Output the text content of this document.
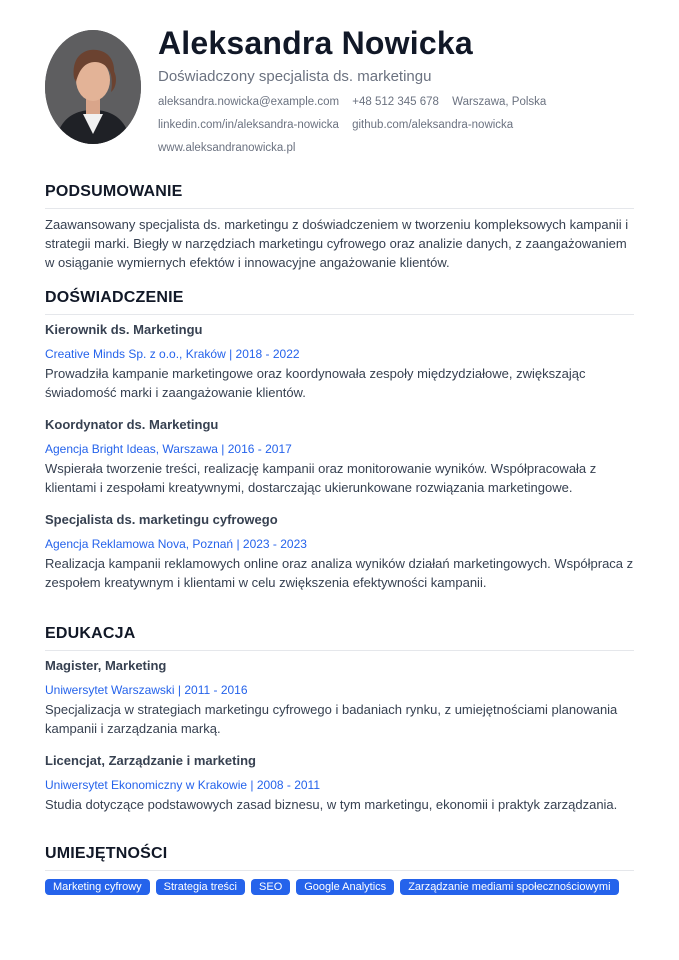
Aleksandra Nowicka
Doświadczony specjalista ds. marketingu
aleksandra.nowicka@example.com +48 512 345 678 Warszawa, Polska
linkedin.com/in/aleksandra-nowicka github.com/aleksandra-nowicka
www.aleksandranowicka.pl
PODSUMOWANIE
Zaawansowany specjalista ds. marketingu z doświadczeniem w tworzeniu kompleksowych kampanii i strategii marki. Biegły w narzędziach marketingu cyfrowego oraz analizie danych, z zaangażowaniem w osiąganie wymiernych efektów i innowacyjne angażowanie klientów.
DOŚWIADCZENIE
Kierownik ds. Marketingu
Creative Minds Sp. z o.o., Kraków | 2018 - 2022
Prowadziła kampanie marketingowe oraz koordynowała zespoły międzydziałowe, zwiększając świadomość marki i zaangażowanie klientów.
Koordynator ds. Marketingu
Agencja Bright Ideas, Warszawa | 2016 - 2017
Wspierała tworzenie treści, realizację kampanii oraz monitorowanie wyników. Współpracowała z klientami i zespołami kreatywnymi, dostarczając ukierunkowane rozwiązania marketingowe.
Specjalista ds. marketingu cyfrowego
Agencja Reklamowa Nova, Poznań | 2023 - 2023
Realizacja kampanii reklamowych online oraz analiza wyników działań marketingowych. Współpraca z zespołem kreatywnym i klientami w celu zwiększenia efektywności kampanii.
EDUKACJA
Magister, Marketing
Uniwersytet Warszawski | 2011 - 2016
Specjalizacja w strategiach marketingu cyfrowego i badaniach rynku, z umiejętnościami planowania kampanii i zarządzania marką.
Licencjat, Zarządzanie i marketing
Uniwersytet Ekonomiczny w Krakowie | 2008 - 2011
Studia dotyczące podstawowych zasad biznesu, w tym marketingu, ekonomii i praktyk zarządzania.
UMIEJĘTNOŚCI
Marketing cyfrowy	Strategia treści	SEO	Google Analytics	Zarządzanie mediami społecznościowymi
